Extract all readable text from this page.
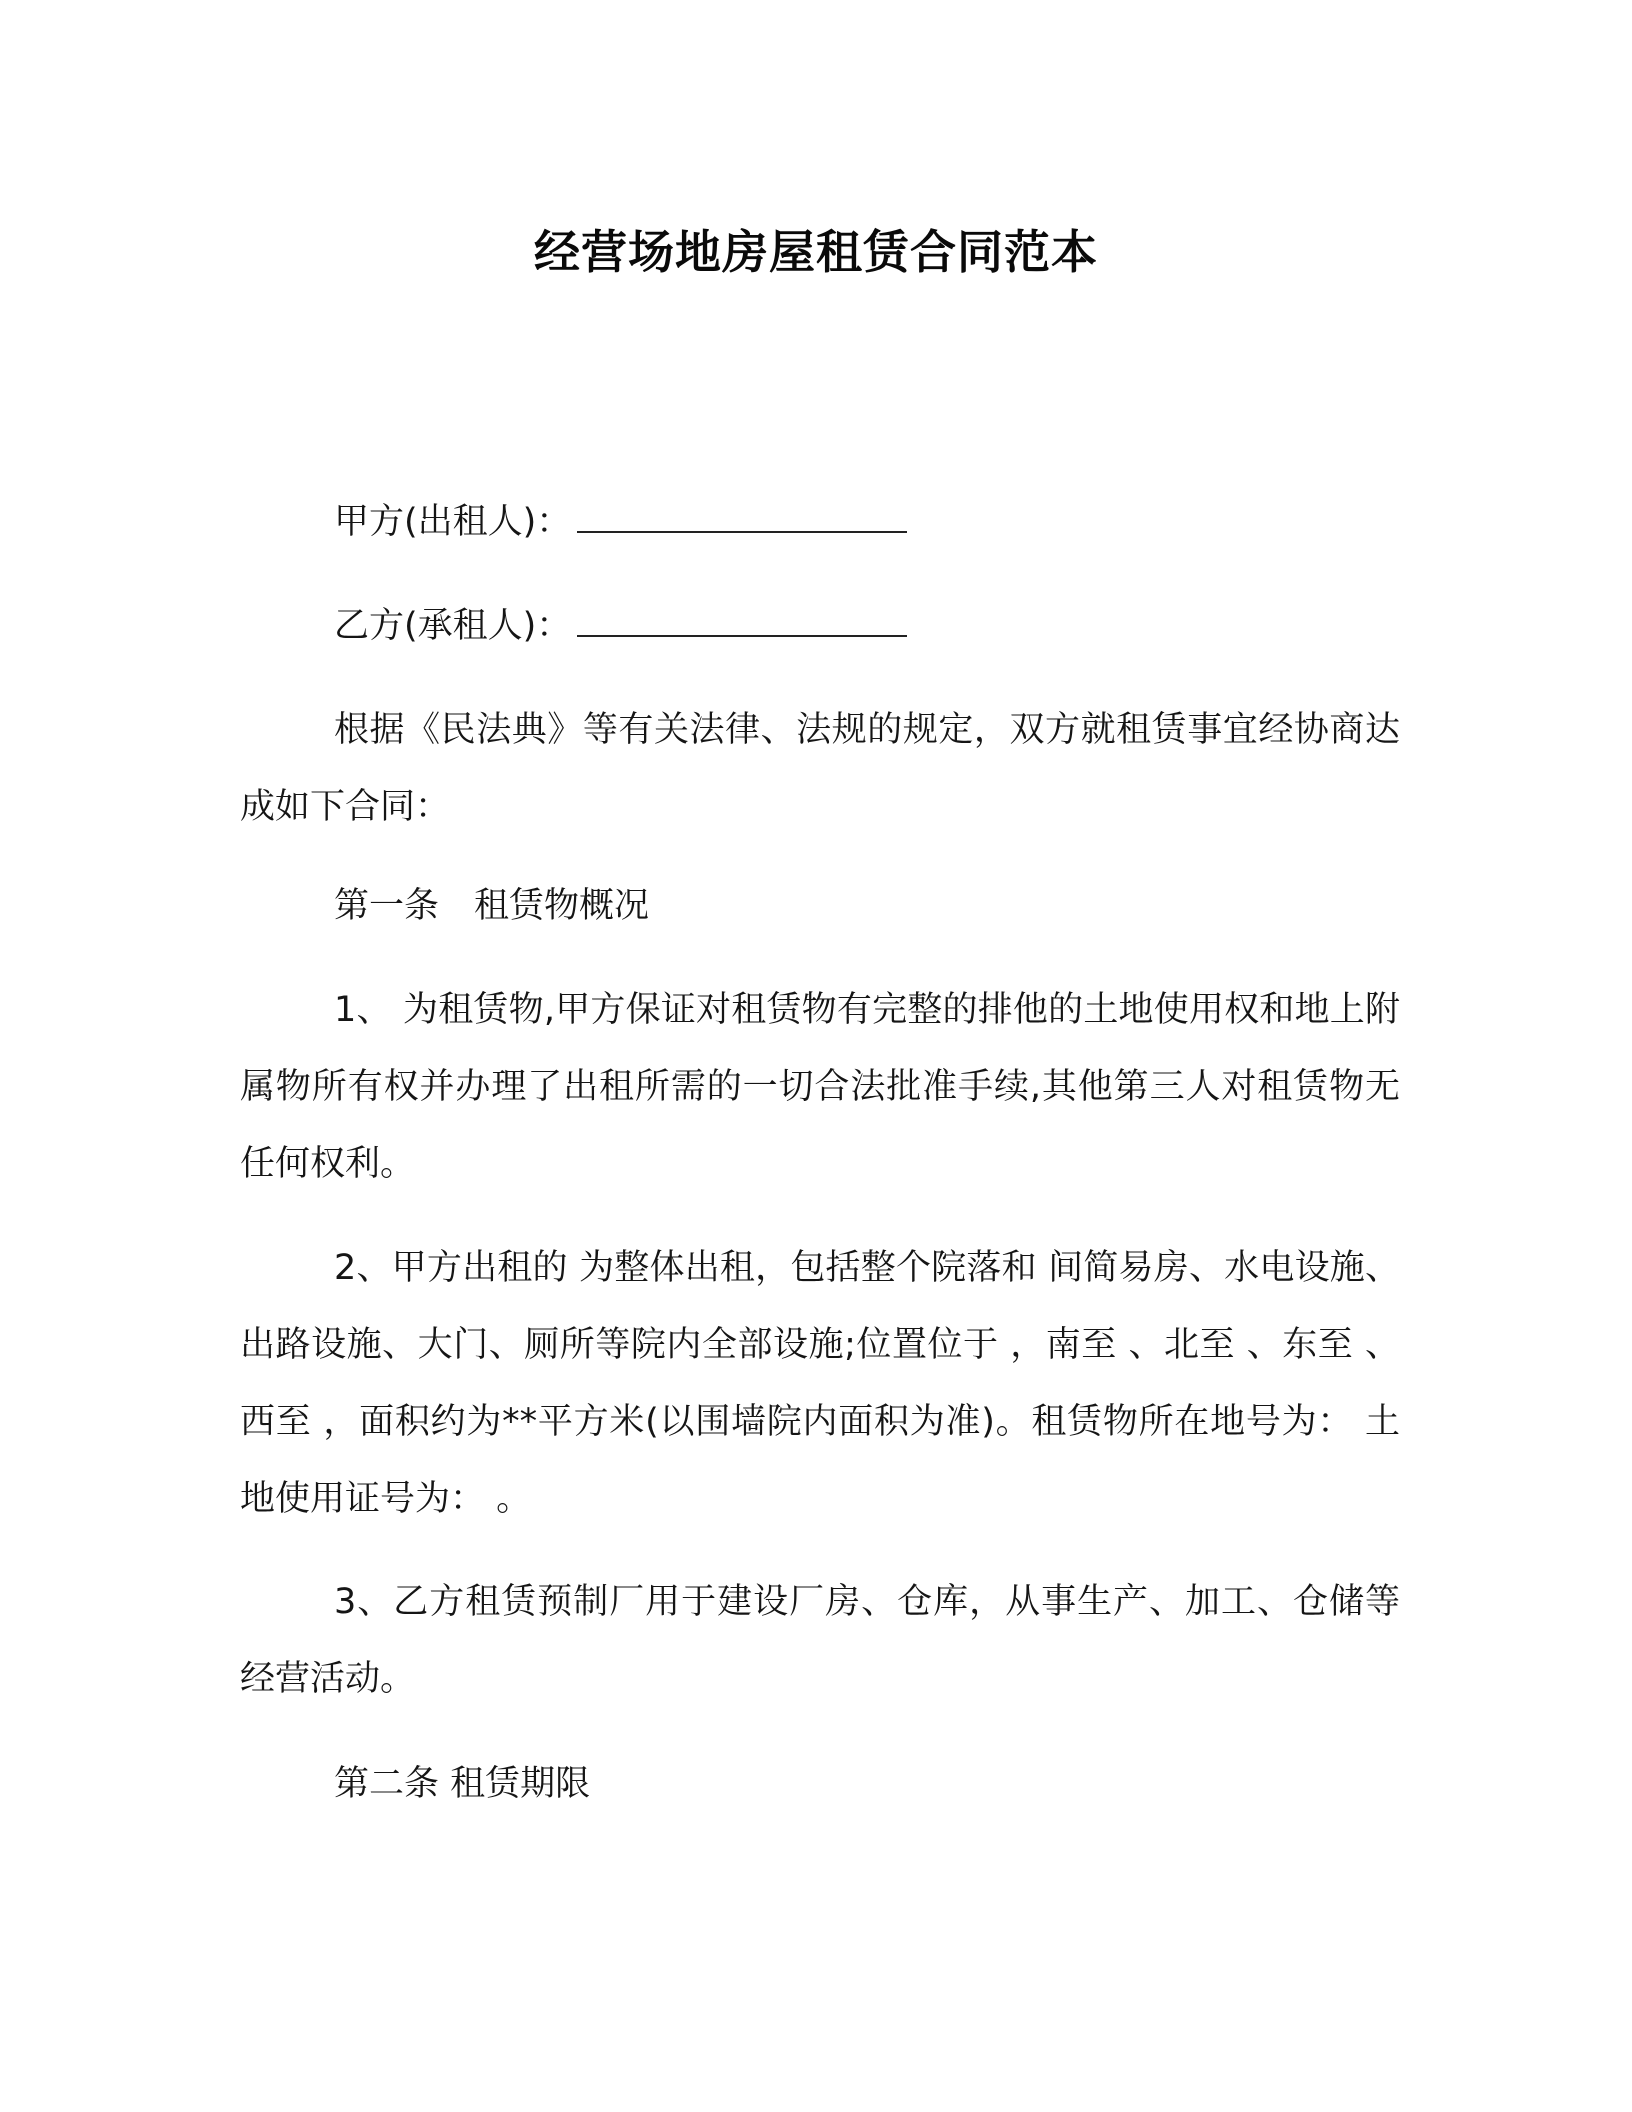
经营场地房屋租赁合同范本
甲方(出租人)：
乙方(承租人)：

根据《民法典》等有关法律、法规的规定，双方就租赁事宜经协商达成如下合同：

第一条　租赁物概况

1、 为租赁物,甲方保证对租赁物有完整的排他的土地使用权和地上附属物所有权并办理了出租所需的一切合法批准手续,其他第三人对租赁物无任何权利。

2、甲方出租的 为整体出租，包括整个院落和 间简易房、水电设施、出路设施、大门、厕所等院内全部设施;位置位于 ，南至 、北至 、东至 、西至 ，面积约为**平方米(以围墙院内面积为准)。租赁物所在地号为： 土地使用证号为： 。

3、乙方租赁预制厂用于建设厂房、仓库，从事生产、加工、仓储等经营活动。

第二条 租赁期限
